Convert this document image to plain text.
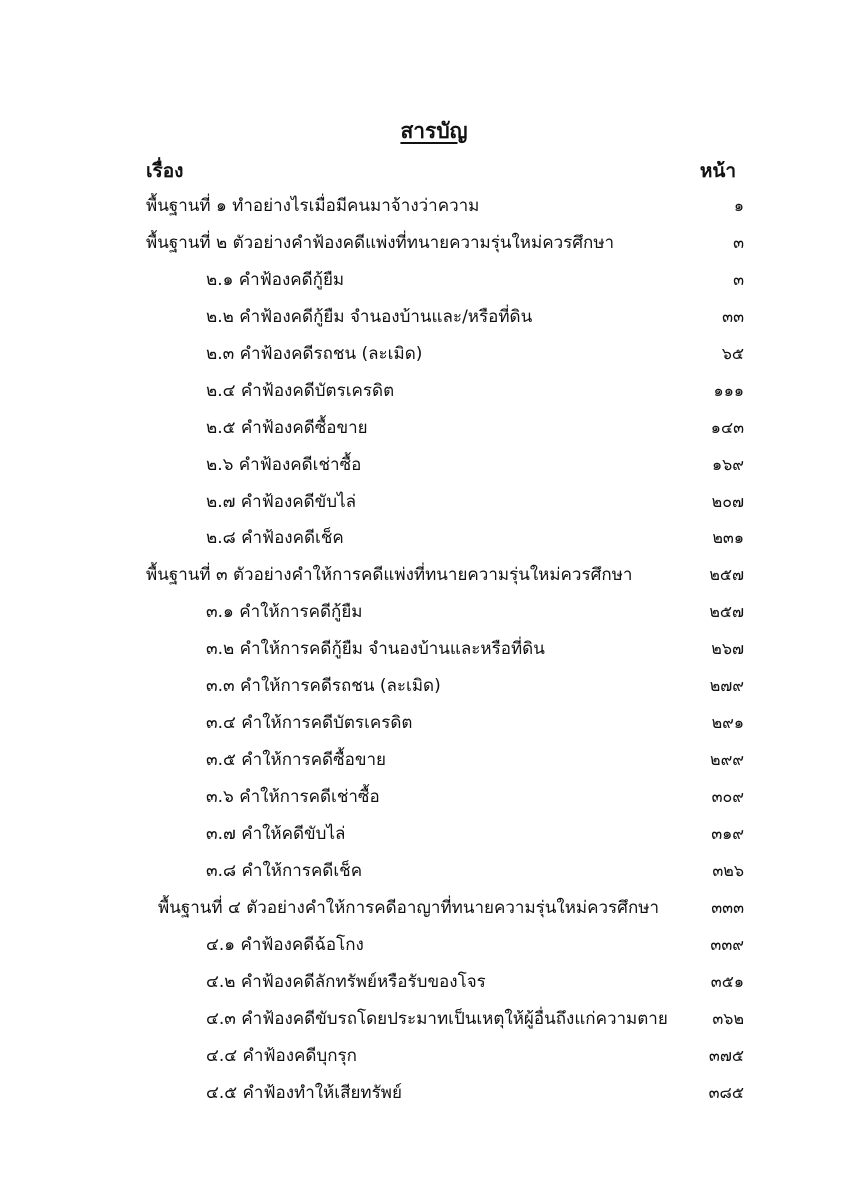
สารบัญ
เรื่อง	หน้า
พื้นฐานที่ ๑ ทำอย่างไรเมื่อมีคนมาจ้างว่าความ	๑
พื้นฐานที่ ๒ ตัวอย่างคำฟ้องคดีแพ่งที่ทนายความรุ่นใหม่ควรศึกษา	๓
๒.๑ คำฟ้องคดีกู้ยืม	๓
๒.๒ คำฟ้องคดีกู้ยืม จำนองบ้านและ/หรือที่ดิน	๓๓
๒.๓ คำฟ้องคดีรถชน (ละเมิด)	๖๕
๒.๔ คำฟ้องคดีบัตรเครดิต	๑๑๑
๒.๕ คำฟ้องคดีซื้อขาย	๑๔๓
๒.๖ คำฟ้องคดีเช่าซื้อ	๑๖๙
๒.๗ คำฟ้องคดีขับไล่	๒๐๗
๒.๘ คำฟ้องคดีเช็ค	๒๓๑
พื้นฐานที่ ๓ ตัวอย่างคำให้การคดีแพ่งที่ทนายความรุ่นใหม่ควรศึกษา	๒๕๗
๓.๑ คำให้การคดีกู้ยืม	๒๕๗
๓.๒ คำให้การคดีกู้ยืม จำนองบ้านและหรือที่ดิน	๒๖๗
๓.๓ คำให้การคดีรถชน (ละเมิด)	๒๗๙
๓.๔ คำให้การคดีบัตรเครดิต	๒๙๑
๓.๕ คำให้การคดีซื้อขาย	๒๙๙
๓.๖ คำให้การคดีเช่าซื้อ	๓๐๙
๓.๗ คำให้คดีขับไล่	๓๑๙
๓.๘ คำให้การคดีเช็ค	๓๒๖
พื้นฐานที่ ๔ ตัวอย่างคำให้การคดีอาญาที่ทนายความรุ่นใหม่ควรศึกษา	๓๓๓
๔.๑ คำฟ้องคดีฉ้อโกง	๓๓๙
๔.๒ คำฟ้องคดีลักทรัพย์หรือรับของโจร	๓๕๑
๔.๓ คำฟ้องคดีขับรถโดยประมาทเป็นเหตุให้ผู้อื่นถึงแก่ความตาย	๓๖๒
๔.๔ คำฟ้องคดีบุกรุก	๓๗๕
๔.๕ คำฟ้องทำให้เสียทรัพย์	๓๘๕
